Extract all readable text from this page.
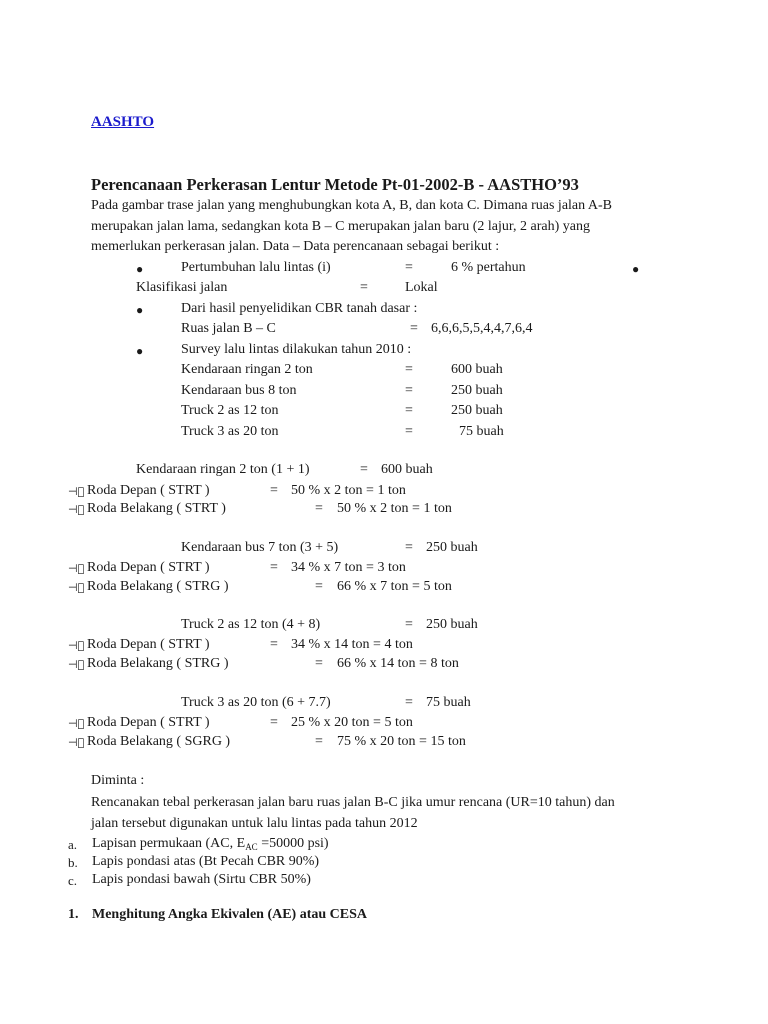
AASHTO
Perencanaan Perkerasan Lentur Metode Pt-01-2002-B - AASTHO’93
Pada gambar trase jalan yang menghubungkan kota A, B, dan kota C. Dimana ruas jalan A-B
merupakan jalan lama, sedangkan kota B – C merupakan jalan baru (2 lajur, 2 arah) yang
memerlukan perkerasan jalan. Data – Data perencanaan sebagai berikut :
●	Pertumbuhan lalu lintas (i)	=	6 % pertahun	●
Klasifikasi jalan	=	Lokal
●	Dari hasil penyelidikan CBR tanah dasar :
Ruas jalan B – C	= 6,6,6,5,5,4,4,7,6,4
●	Survey lalu lintas dilakukan tahun 2010 :
Kendaraan ringan 2 ton	=	600 buah
Kendaraan bus 8 ton	=	250 buah
Truck 2 as 12 ton	=	250 buah
Truck 3 as 20 ton	=	75 buah
Kendaraan ringan 2 ton (1 + 1)	= 600 buah
⊣⃦ Roda Depan ( STRT )	= 50 % x 2 ton = 1 ton
⊣⃦ Roda Belakang ( STRT )	= 50 % x 2 ton = 1 ton
Kendaraan bus 7 ton (3 + 5)	= 250 buah
⊣⃦ Roda Depan ( STRT )	= 34 % x 7 ton = 3 ton
⊣⃦ Roda Belakang ( STRG )	= 66 % x 7 ton = 5 ton
Truck 2 as 12 ton (4 + 8)	= 250 buah
⊣⃦ Roda Depan ( STRT )	= 34 % x 14 ton = 4 ton
⊣⃦ Roda Belakang ( STRG )	= 66 % x 14 ton = 8 ton
Truck 3 as 20 ton (6 + 7.7)	= 75 buah
⊣⃦ Roda Depan ( STRT )	= 25 % x 20 ton = 5 ton
⊣⃦ Roda Belakang ( SGRG )	= 75 % x 20 ton = 15 ton
Diminta :
Rencanakan tebal perkerasan jalan baru ruas jalan B-C jika umur rencana (UR=10 tahun) dan
jalan tersebut digunakan untuk lalu lintas pada tahun 2012
a. Lapisan permukaan (AC, $E_{AC} =50000$ psi)
b. Lapis pondasi atas (Bt Pecah CBR 90%)
c. Lapis pondasi bawah (Sirtu CBR 50%)
1. Menghitung Angka Ekivalen (AE) atau CESA
